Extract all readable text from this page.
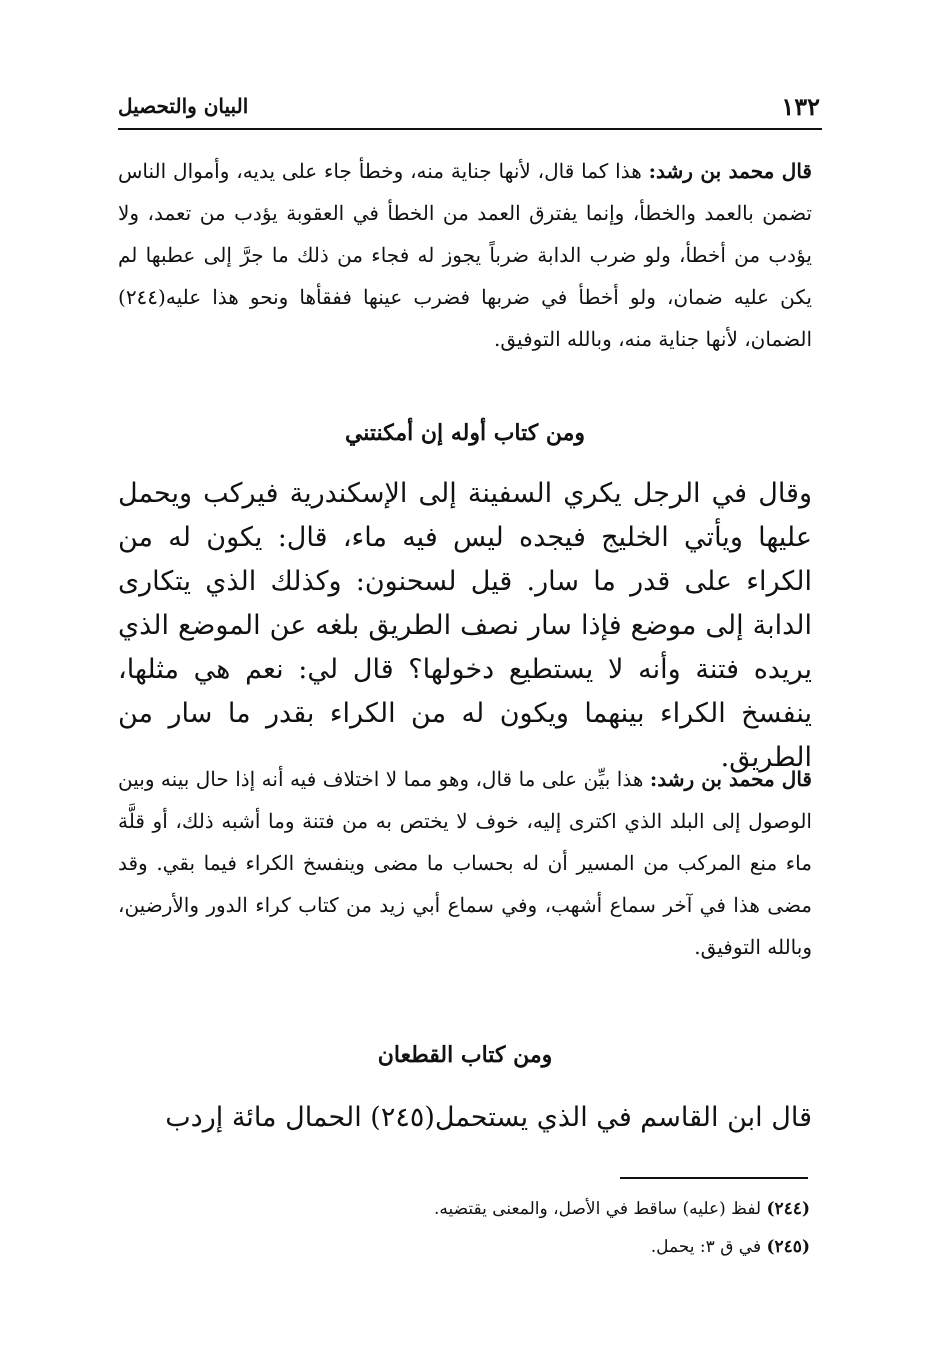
١٣٢
البيان والتحصيل
قال محمد بن رشد: هذا كما قال، لأنها جناية منه، وخطأ جاء على يديه، وأموال الناس تضمن بالعمد والخطأ، وإنما يفترق العمد من الخطأ في العقوبة يؤدب من تعمد، ولا يؤدب من أخطأ، ولو ضرب الدابة ضرباً يجوز له فجاء من ذلك ما جرَّ إلى عطبها لم يكن عليه ضمان، ولو أخطأ في ضربها فضرب عينها ففقأها ونحو هذا عليه(٢٤٤) الضمان، لأنها جناية منه، وبالله التوفيق.
ومن كتاب أوله إن أمكنتني
وقال في الرجل يكري السفينة إلى الإسكندرية فيركب ويحمل عليها ويأتي الخليج فيجده ليس فيه ماء، قال: يكون له من الكراء على قدر ما سار. قيل لسحنون: وكذلك الذي يتكارى الدابة إلى موضع فإذا سار نصف الطريق بلغه عن الموضع الذي يريده فتنة وأنه لا يستطيع دخولها؟ قال لي: نعم هي مثلها، ينفسخ الكراء بينهما ويكون له من الكراء بقدر ما سار من الطريق.
قال محمد بن رشد: هذا بيِّن على ما قال، وهو مما لا اختلاف فيه أنه إذا حال بينه وبين الوصول إلى البلد الذي اكترى إليه، خوف لا يختص به من فتنة وما أشبه ذلك، أو قلَّة ماء منع المركب من المسير أن له بحساب ما مضى وينفسخ الكراء فيما بقي. وقد مضى هذا في آخر سماع أشهب، وفي سماع أبي زيد من كتاب كراء الدور والأرضين، وبالله التوفيق.
ومن كتاب القطعان
قال ابن القاسم في الذي يستحمل(٢٤٥) الحمال مائة إردب
(٢٤٤) لفظ (عليه) ساقط في الأصل، والمعنى يقتضيه.
(٢٤٥) في ق ٣: يحمل.
